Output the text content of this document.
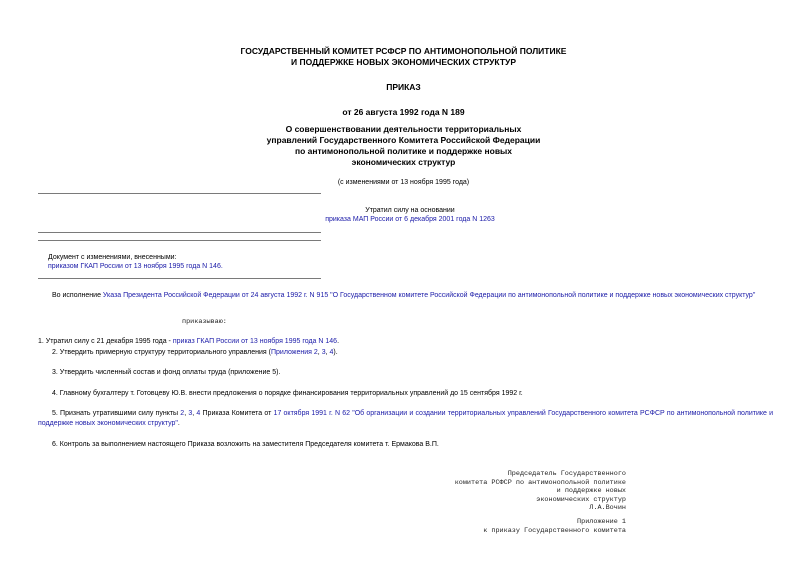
ГОСУДАРСТВЕННЫЙ КОМИТЕТ РСФСР ПО АНТИМОНОПОЛЬНОЙ ПОЛИТИКЕ
И ПОДДЕРЖКЕ НОВЫХ ЭКОНОМИЧЕСКИХ СТРУКТУР
ПРИКАЗ
от 26 августа 1992 года N 189
О совершенствовании деятельности территориальных
управлений Государственного Комитета Российской Федерации
по антимонопольной политике и поддержке новых
экономических структур
(с изменениями от 13 ноября 1995 года)
Утратил силу на основании
приказа МАП России от 6 декабря 2001 года N 1263
Документ с изменениями, внесенными:
приказом ГКАП России от 13 ноября 1995 года N 146.
Во исполнение Указа Президента Российской Федерации от 24 августа 1992 г. N 915 "О Государственном комитете Российской Федерации по антимонопольной политике и поддержке новых экономических структур"
приказываю:
1. Утратил силу с 21 декабря 1995 года - приказ ГКАП России от 13 ноября 1995 года N 146.
2. Утвердить примерную структуру территориального управления (Приложения 2, 3, 4).
3. Утвердить численный состав и фонд оплаты труда (приложение 5).
4. Главному бухгалтеру т. Готовцеву Ю.В. внести предложения о порядке финансирования территориальных управлений до 15 сентября 1992 г.
5. Признать утратившими силу пункты 2, 3, 4 Приказа Комитета от 17 октября 1991 г. N 62 "Об организации и создании территориальных управлений Государственного комитета РСФСР по антимонопольной политике и поддержке новых экономических структур".
6. Контроль за выполнением настоящего Приказа возложить на заместителя Председателя комитета т. Ермакова В.П.
Председатель Государственного
комитета РСФСР по антимонопольной политике
и поддержке новых
экономических структур
Л.А.Вочин
Приложение 1
к приказу Государственного комитета
